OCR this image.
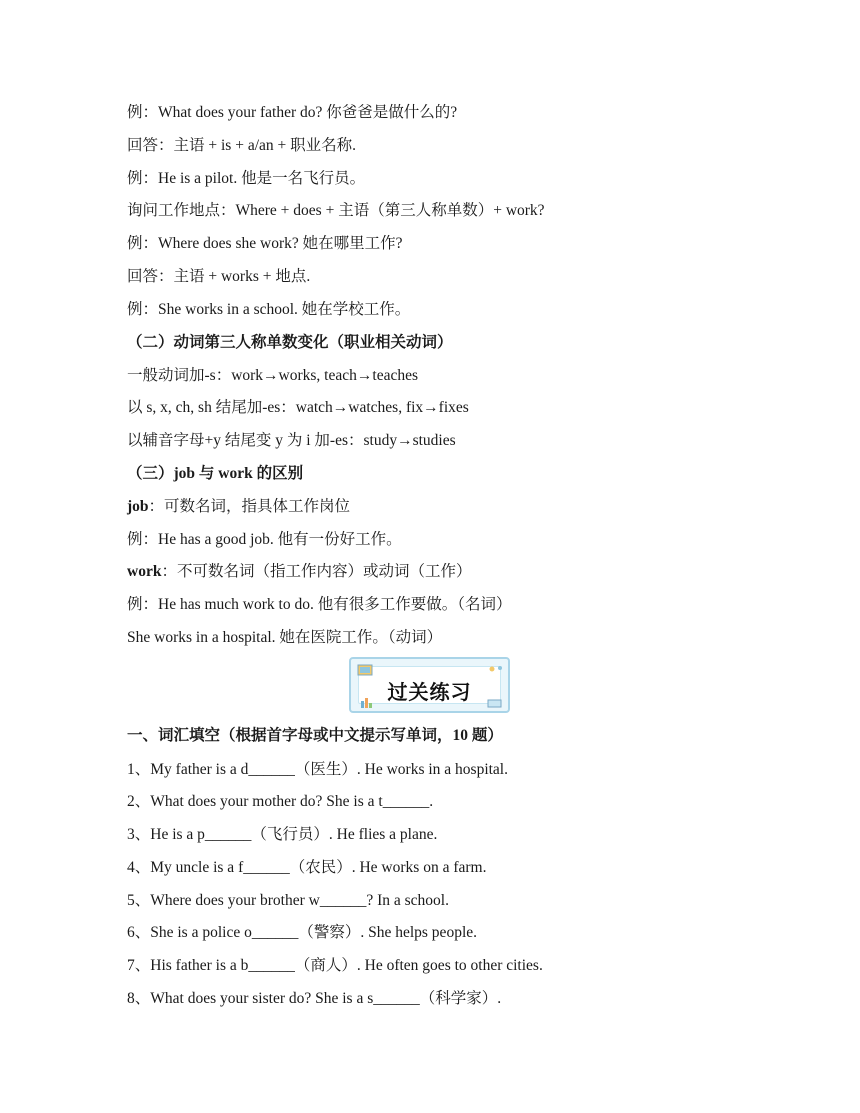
例：What does your father do? 你爸爸是做什么的?
回答：主语 + is + a/an + 职业名称.
例：He is a pilot. 他是一名飞行员。
询问工作地点：Where + does + 主语（第三人称单数）+ work?
例：Where does she work? 她在哪里工作?
回答：主语 + works + 地点.
例：She works in a school. 她在学校工作。
（二）动词第三人称单数变化（职业相关动词）
一般动词加-s：work→works, teach→teaches
以 s, x, ch, sh 结尾加-es：watch→watches, fix→fixes
以辅音字母+y 结尾变 y 为 i 加-es：study→studies
（三）job 与 work 的区别
job：可数名词，指具体工作岗位
例：He has a good job. 他有一份好工作。
work：不可数名词（指工作内容）或动词（工作）
例：He has much work to do. 他有很多工作要做。（名词）
She works in a hospital. 她在医院工作。（动词）
过关练习
一、词汇填空（根据首字母或中文提示写单词，10 题）
1、My father is a d______（医生）. He works in a hospital.
2、What does your mother do? She is a t______.
3、He is a p______（飞行员）. He flies a plane.
4、My uncle is a f______（农民）. He works on a farm.
5、Where does your brother w______? In a school.
6、She is a police o______（警察）. She helps people.
7、His father is a b______（商人）. He often goes to other cities.
8、What does your sister do? She is a s______（科学家）.
